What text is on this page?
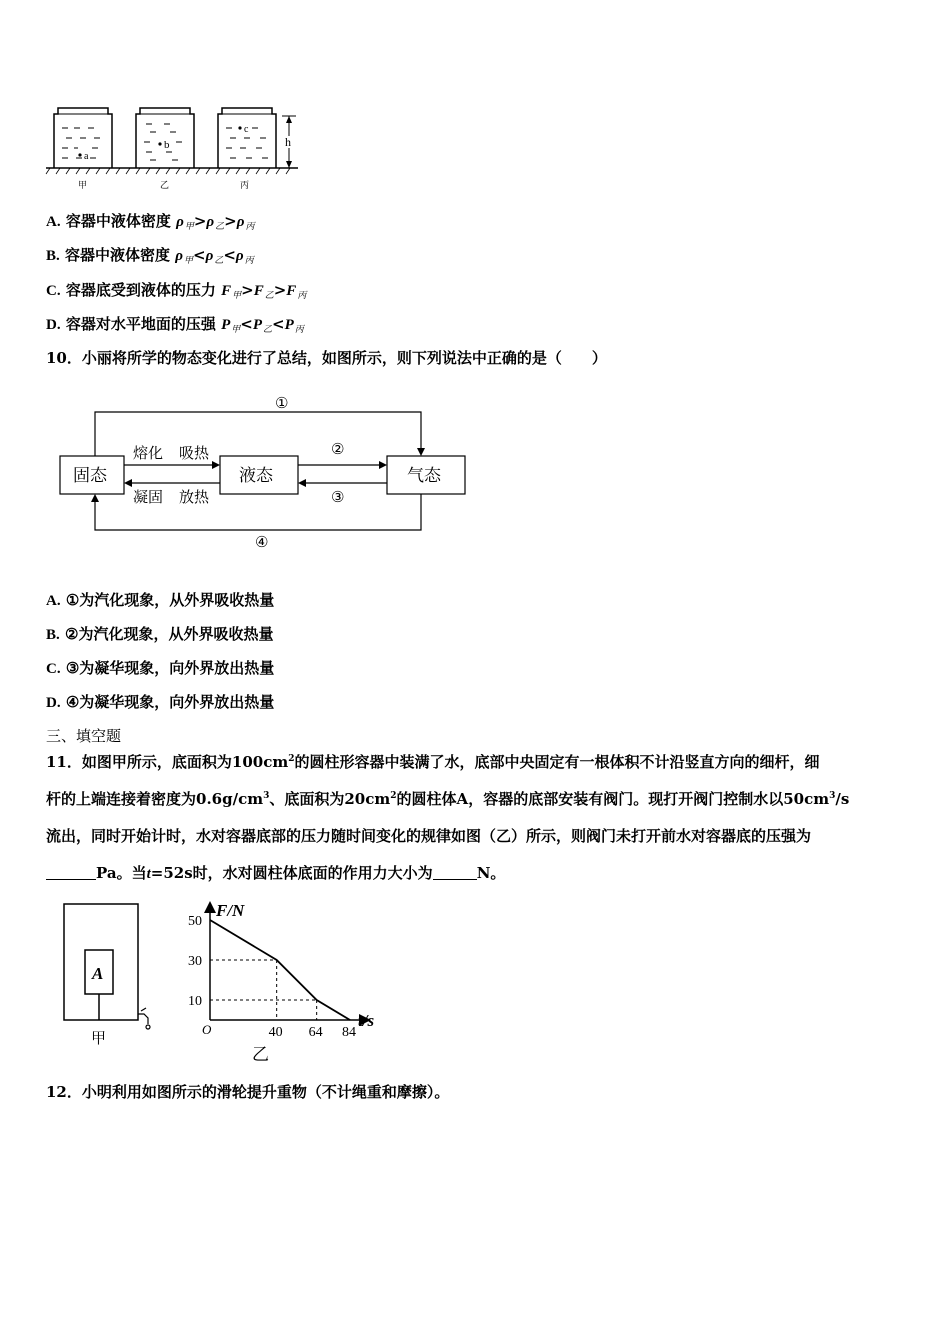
a
b
c
h
甲	乙	丙
A. 容器中液体密度 $\rho_甲>\rho_乙>\rho_丙$
B. 容器中液体密度 $\rho_甲<\rho_乙<\rho_丙$
C. 容器底受到液体的压力 $F_甲>F_乙>F_丙$
D. 容器对水平地面的压强 $P_甲<P_乙<P_丙$
10．小丽将所学的物态变化进行了总结，如图所示，则下列说法中正确的是（　　）
固态	液态	气态
熔化 吸热
凝固 放热
①
②
③
④
A. ①为汽化现象，从外界吸收热量
B. ②为汽化现象，从外界吸收热量
C. ③为凝华现象，向外界放出热量
D. ④为凝华现象，向外界放出热量
三、填空题
11．如图甲所示，底面积为$100cm^2$的圆柱形容器中装满了水，底部中央固定有一根体积不计沿竖直方向的细杆，细
杆的上端连接着密度为$0.6g/cm^3$、底面积为$20cm^2$的圆柱体A，容器的底部安装有阀门。现打开阀门控制水以$50cm^3/s$
流出，同时开始计时，水对容器底部的压力随时间变化的规律如图（乙）所示，则阀门未打开前水对容器底的压强为
Pa。当t=52s时，水对圆柱体底面的作用力大小为	N。
A
甲
50
30
10
40 64 84
F/N
t/s
O
乙
12．小明利用如图所示的滑轮提升重物（不计绳重和摩擦）。
